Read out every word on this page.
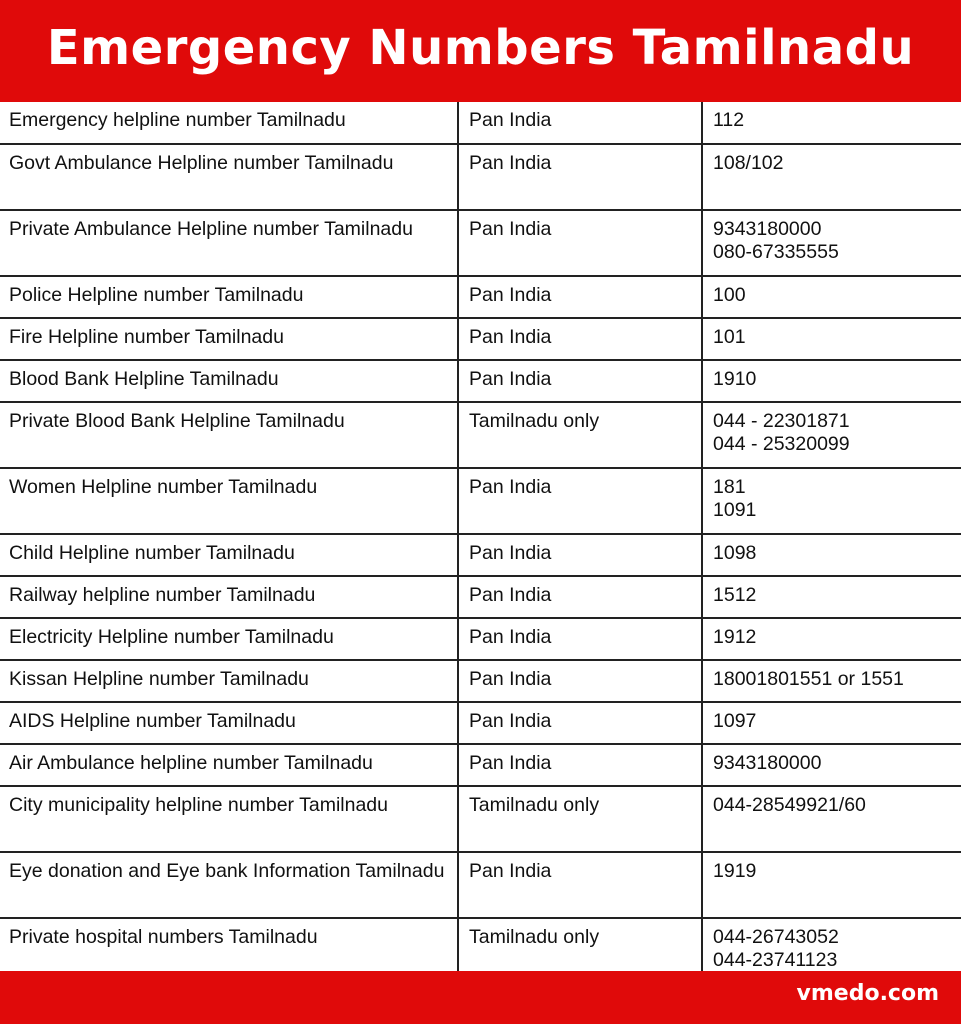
Emergency Numbers Tamilnadu
Emergency helpline number Tamilnadu	Pan India	112

Govt Ambulance Helpline number Tamilnadu	Pan India	108/102

Private Ambulance Helpline number Tamilnadu	Pan India	9343180000
080-67335555

Police Helpline number Tamilnadu	Pan India	100

Fire Helpline number Tamilnadu	Pan India	101

Blood Bank Helpline Tamilnadu	Pan India	1910

Private Blood Bank Helpline Tamilnadu	Tamilnadu only	044 - 22301871
044 - 25320099

Women Helpline number Tamilnadu	Pan India	181
1091

Child Helpline number Tamilnadu	Pan India	1098

Railway helpline number Tamilnadu	Pan India	1512

Electricity Helpline number Tamilnadu	Pan India	1912

Kissan Helpline number Tamilnadu	Pan India	18001801551 or 1551

AIDS Helpline number Tamilnadu	Pan India	1097

Air Ambulance helpline number Tamilnadu	Pan India	9343180000

City municipality helpline number Tamilnadu	Tamilnadu only	044-28549921/60

Eye donation and Eye bank Information Tamilnadu	Pan India	1919

Private hospital numbers Tamilnadu	Tamilnadu only	044-26743052
044-23741123
vmedo.com
